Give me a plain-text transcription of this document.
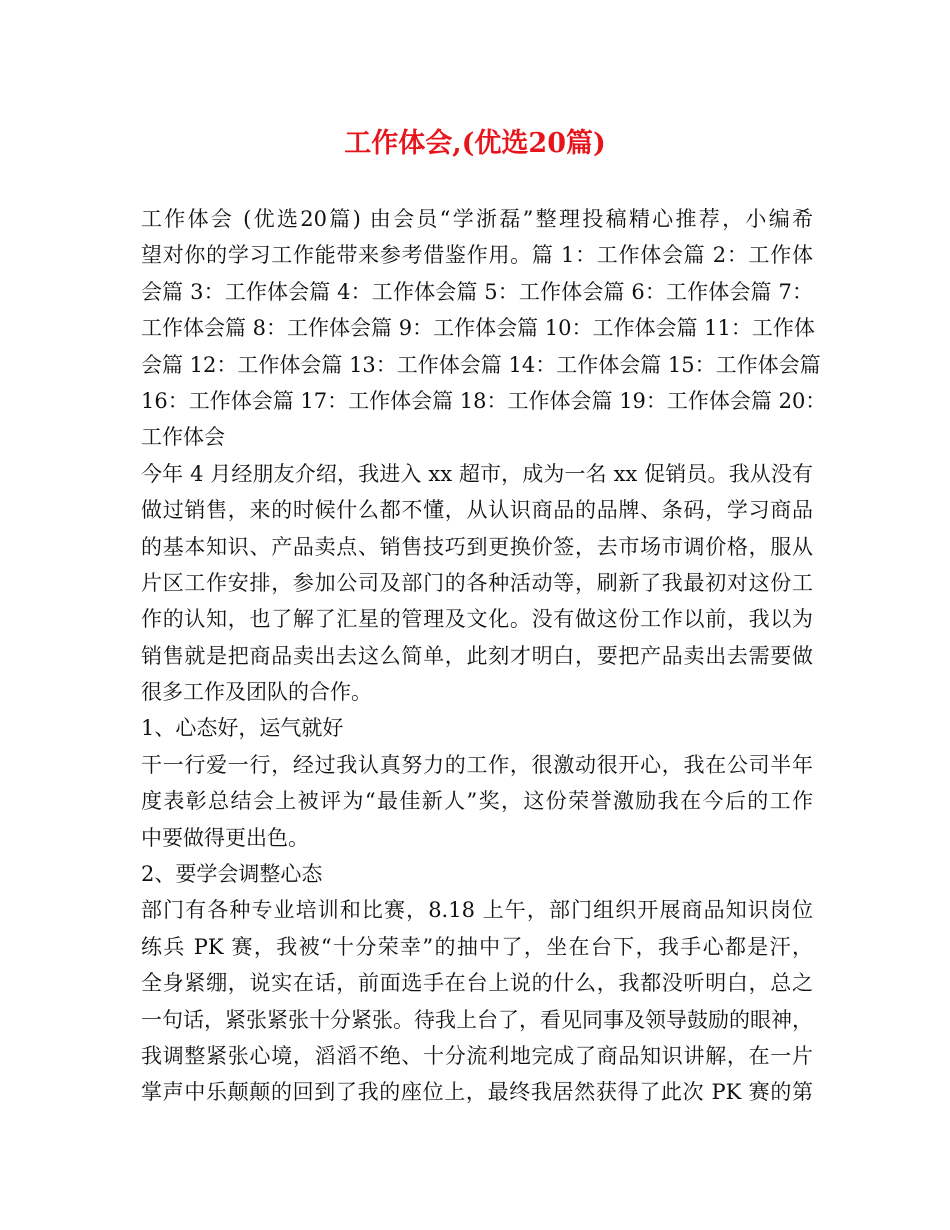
工作体会,(优选20篇)
工作体会 (优选20篇) 由会员“学浙磊”整理投稿精心推荐，小编希
望对你的学习工作能带来参考借鉴作用。篇 1：工作体会篇 2：工作体
会篇 3：工作体会篇 4：工作体会篇 5：工作体会篇 6：工作体会篇 7：
工作体会篇 8：工作体会篇 9：工作体会篇 10：工作体会篇 11：工作体
会篇 12：工作体会篇 13：工作体会篇 14：工作体会篇 15：工作体会篇
16：工作体会篇 17：工作体会篇 18：工作体会篇 19：工作体会篇 20：
工作体会
今年 4 月经朋友介绍，我进入 xx 超市，成为一名 xx 促销员。我从没有
做过销售，来的时候什么都不懂，从认识商品的品牌、条码，学习商品
的基本知识、产品卖点、销售技巧到更换价签，去市场市调价格，服从
片区工作安排，参加公司及部门的各种活动等，刷新了我最初对这份工
作的认知，也了解了汇星的管理及文化。没有做这份工作以前，我以为
销售就是把商品卖出去这么简单，此刻才明白，要把产品卖出去需要做
很多工作及团队的合作。
1、心态好，运气就好
干一行爱一行，经过我认真努力的工作，很激动很开心，我在公司半年
度表彰总结会上被评为“最佳新人”奖，这份荣誉激励我在今后的工作
中要做得更出色。
2、要学会调整心态
部门有各种专业培训和比赛，8.18 上午，部门组织开展商品知识岗位
练兵 PK 赛，我被“十分荣幸”的抽中了，坐在台下，我手心都是汗，
全身紧绷，说实在话，前面选手在台上说的什么，我都没听明白，总之
一句话，紧张紧张十分紧张。待我上台了，看见同事及领导鼓励的眼神，
我调整紧张心境，滔滔不绝、十分流利地完成了商品知识讲解，在一片
掌声中乐颠颠的回到了我的座位上，最终我居然获得了此次 PK 赛的第
